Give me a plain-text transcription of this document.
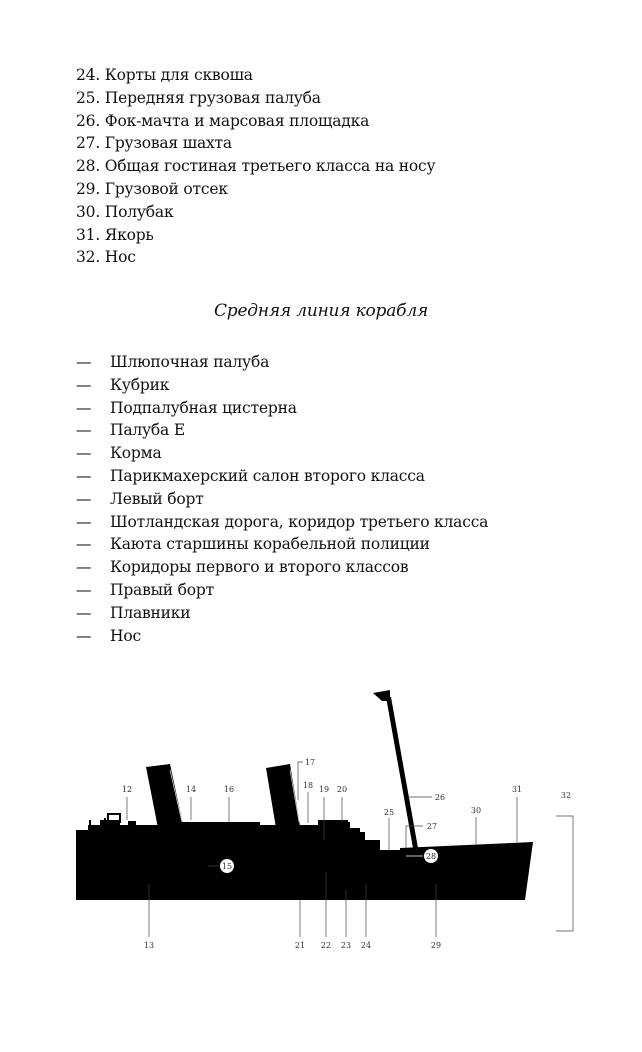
24. Корты для сквоша
25. Передняя грузовая палуба
26. Фок-мачта и марсовая площадка
27. Грузовая шахта
28. Общая гостиная третьего класса на носу
29. Грузовой отсек
30. Полубак
31. Якорь
32. Нос
Средняя линия корабля
— Шлюпочная палуба
— Кубрик
— Подпалубная цистерна
— Палуба E
— Корма
— Парикмахерский салон второго класса
— Левый борт
— Шотландская дорога, коридор третьего класса
— Каюта старшины корабельной полиции
— Коридоры первого и второго классов
— Правый борт
— Плавники
— Нос
15
28
12	14	16
17
18 19 20
25
26
27
30
31
32
13	21 22 23 24	29
